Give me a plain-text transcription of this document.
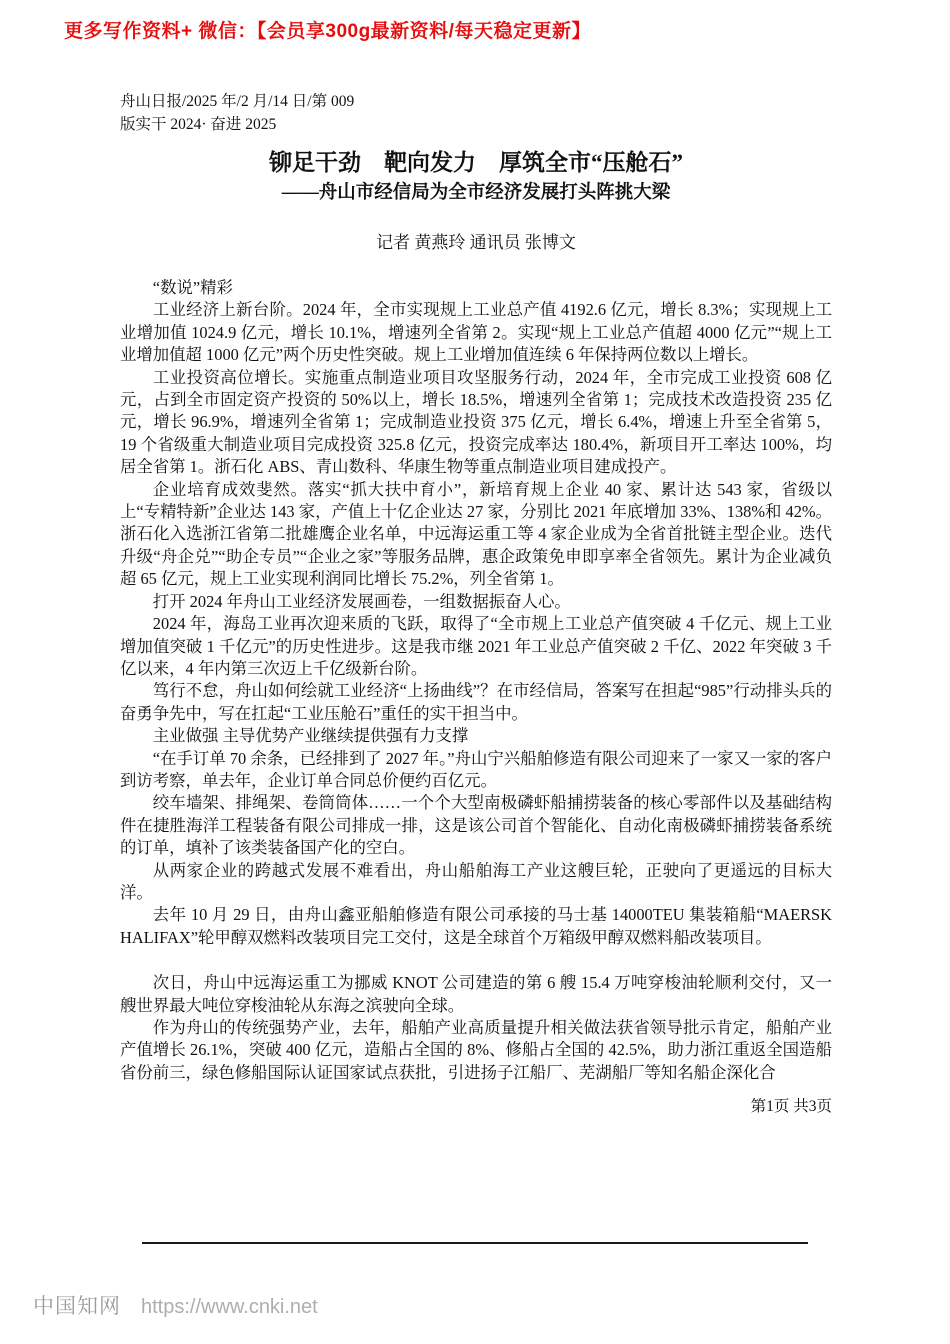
更多写作资料+ 微信：【会员享300g最新资料/每天稳定更新】
舟山日报/2025 年/2 月/14 日/第 009
版实干 2024· 奋进 2025
铆足干劲　靶向发力　厚筑全市“压舱石”
——舟山市经信局为全市经济发展打头阵挑大梁
记者 黄燕玲 通讯员 张博文

“数说”精彩

工业经济上新台阶。2024 年，全市实现规上工业总产值 4192.6 亿元，增长 8.3%；实现规上工业增加值 1024.9 亿元，增长 10.1%，增速列全省第 2。实现“规上工业总产值超 4000 亿元”“规上工业增加值超 1000 亿元”两个历史性突破。规上工业增加值连续 6 年保持两位数以上增长。

工业投资高位增长。实施重点制造业项目攻坚服务行动，2024 年，全市完成工业投资 608 亿元，占到全市固定资产投资的 50%以上，增长 18.5%，增速列全省第 1；完成技术改造投资 235 亿元，增长 96.9%，增速列全省第 1；完成制造业投资 375 亿元，增长 6.4%，增速上升至全省第 5，19 个省级重大制造业项目完成投资 325.8 亿元，投资完成率达 180.4%，新项目开工率达 100%，均居全省第 1。浙石化 ABS、青山数科、华康生物等重点制造业项目建成投产。

企业培育成效斐然。落实“抓大扶中育小”，新培育规上企业 40 家、累计达 543 家，省级以上“专精特新”企业达 143 家，产值上十亿企业达 27 家，分别比 2021 年底增加 33%、138%和 42%。浙石化入选浙江省第二批雄鹰企业名单，中远海运重工等 4 家企业成为全省首批链主型企业。迭代升级“舟企兑”“助企专员”“企业之家”等服务品牌，惠企政策免申即享率全省领先。累计为企业减负超 65 亿元，规上工业实现利润同比增长 75.2%，列全省第 1。

打开 2024 年舟山工业经济发展画卷，一组数据振奋人心。

2024 年，海岛工业再次迎来质的飞跃，取得了“全市规上工业总产值突破 4 千亿元、规上工业增加值突破 1 千亿元”的历史性进步。这是我市继 2021 年工业总产值突破 2 千亿、2022 年突破 3 千亿以来，4 年内第三次迈上千亿级新台阶。

笃行不怠，舟山如何绘就工业经济“上扬曲线”？在市经信局，答案写在担起“985”行动排头兵的奋勇争先中，写在扛起“工业压舱石”重任的实干担当中。

主业做强 主导优势产业继续提供强有力支撑

“在手订单 70 余条，已经排到了 2027 年。”舟山宁兴船舶修造有限公司迎来了一家又一家的客户到访考察，单去年，企业订单合同总价便约百亿元。

绞车墙架、排绳架、卷筒筒体……一个个大型南极磷虾船捕捞装备的核心零部件以及基础结构件在捷胜海洋工程装备有限公司排成一排，这是该公司首个智能化、自动化南极磷虾捕捞装备系统的订单，填补了该类装备国产化的空白。

从两家企业的跨越式发展不难看出，舟山船舶海工产业这艘巨轮，正驶向了更遥远的目标大洋。

去年 10 月 29 日，由舟山鑫亚船舶修造有限公司承接的马士基 14000TEU 集装箱船“MAERSK HALIFAX”轮甲醇双燃料改装项目完工交付，这是全球首个万箱级甲醇双燃料船改装项目。

次日，舟山中远海运重工为挪威 KNOT 公司建造的第 6 艘 15.4 万吨穿梭油轮顺利交付，又一艘世界最大吨位穿梭油轮从东海之滨驶向全球。

作为舟山的传统强势产业，去年，船舶产业高质量提升相关做法获省领导批示肯定，船舶产业产值增长 26.1%，突破 400 亿元，造船占全国的 8%、修船占全国的 42.5%，助力浙江重返全国造船省份前三，绿色修船国际认证国家试点获批，引进扬子江船厂、芜湖船厂等知名船企深化合

第1页 共3页
中国知网 https://www.cnki.net
